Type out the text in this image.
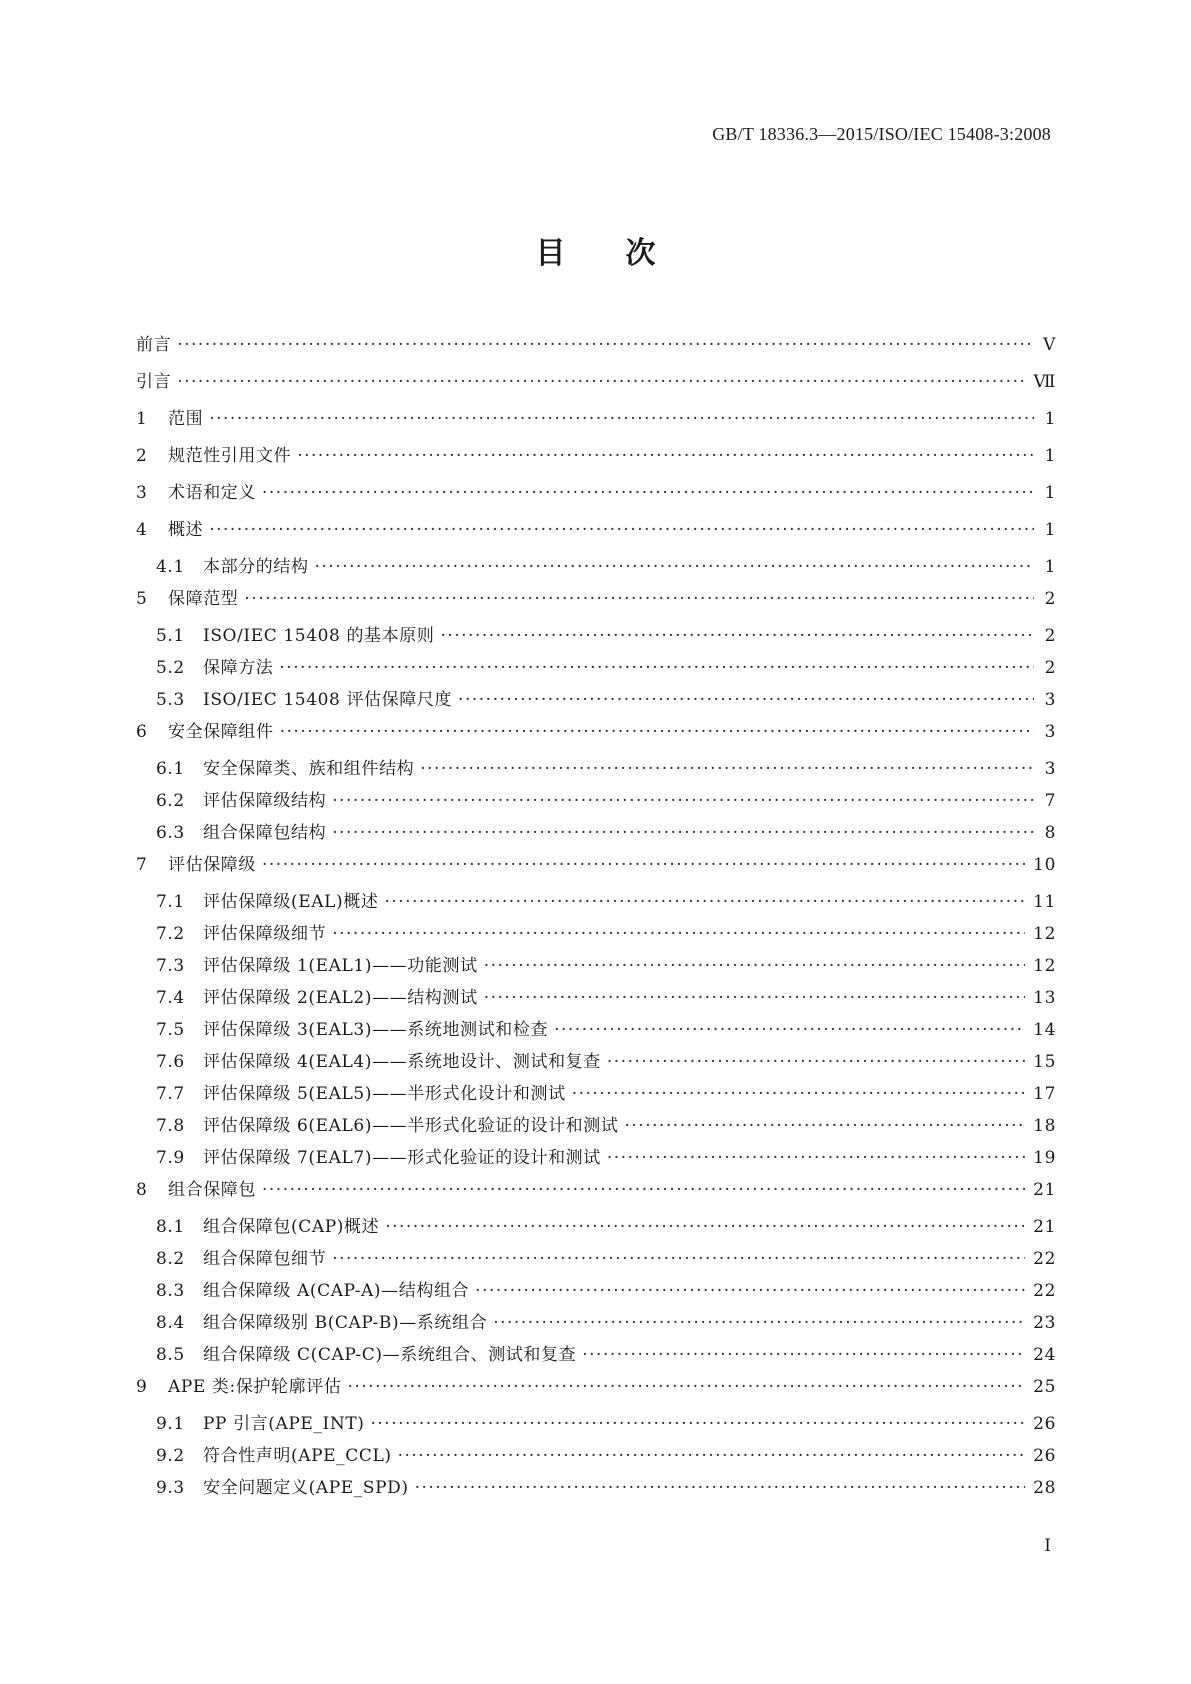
GB/T 18336.3—2015/ISO/IEC 15408-3:2008
目次
前言 ·····	Ⅴ
引言 ·····	Ⅶ
1	范围 ·····	1
2	规范性引用文件 ·····	1
3	术语和定义 ·····	1
4	概述 ·····	1
4.1	本部分的结构 ·····	1
5	保障范型 ·····	2
5.1	ISO/IEC 15408 的基本原则 ·····	2
5.2	保障方法 ·····	2
5.3	ISO/IEC 15408 评估保障尺度 ·····	3
6	安全保障组件 ·····	3
6.1	安全保障类、族和组件结构 ·····	3
6.2	评估保障级结构 ·····	7
6.3	组合保障包结构 ·····	8
7	评估保障级 ·····	10
7.1	评估保障级(EAL)概述 ·····	11
7.2	评估保障级细节 ·····	12
7.3	评估保障级 1(EAL1)——功能测试 ·····	12
7.4	评估保障级 2(EAL2)——结构测试 ·····	13
7.5	评估保障级 3(EAL3)——系统地测试和检查 ·····	14
7.6	评估保障级 4(EAL4)——系统地设计、测试和复查 ·····	15
7.7	评估保障级 5(EAL5)——半形式化设计和测试 ·····	17
7.8	评估保障级 6(EAL6)——半形式化验证的设计和测试 ·····	18
7.9	评估保障级 7(EAL7)——形式化验证的设计和测试 ·····	19
8	组合保障包 ·····	21
8.1	组合保障包(CAP)概述 ·····	21
8.2	组合保障包细节 ·····	22
8.3	组合保障级 A(CAP-A)—结构组合 ·····	22
8.4	组合保障级别 B(CAP-B)—系统组合 ·····	23
8.5	组合保障级 C(CAP-C)—系统组合、测试和复查 ·····	24
9	APE 类:保护轮廓评估 ·····	25
9.1	PP 引言(APE_INT) ·····	26
9.2	符合性声明(APE_CCL) ·····	26
9.3	安全问题定义(APE_SPD) ·····	28
I
